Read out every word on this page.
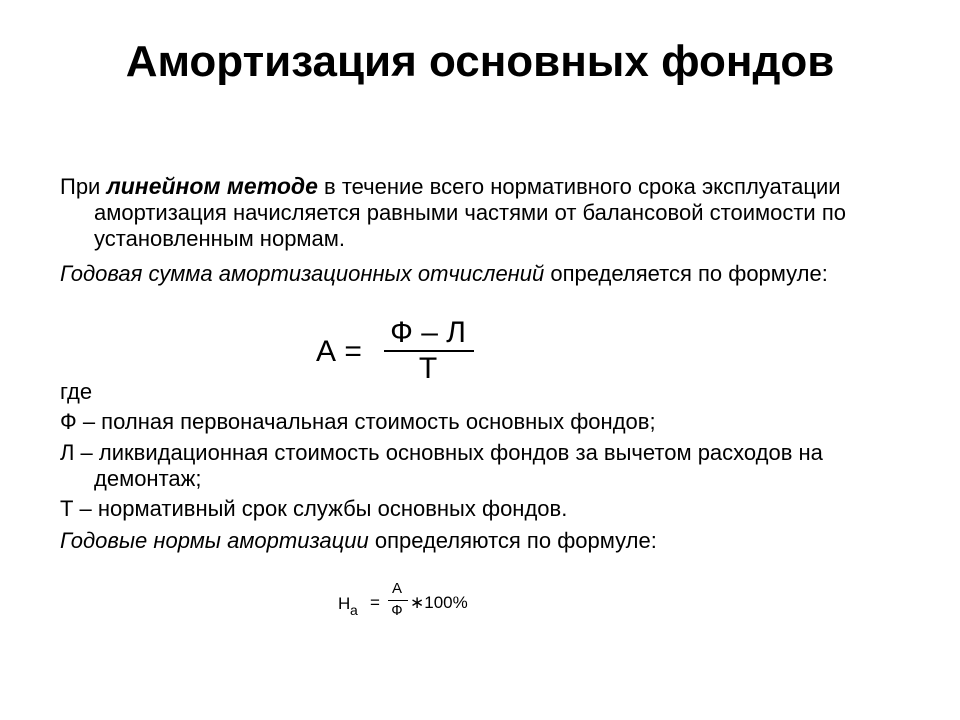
Амортизация основных фондов

При линейном методе в течение всего нормативного срока эксплуатации амортизация начисляется равными частями от балансовой стоимости по установленным нормам.

Годовая сумма амортизационных отчислений определяется по формуле:

А =
Ф – Л
Т

где

Ф – полная первоначальная стоимость основных фондов;

Л – ликвидационная стоимость основных фондов за вычетом расходов на демонтаж;

Т – нормативный срок службы основных фондов.

Годовые нормы амортизации определяются по формуле:

Н а =
А
Ф ∗100%
